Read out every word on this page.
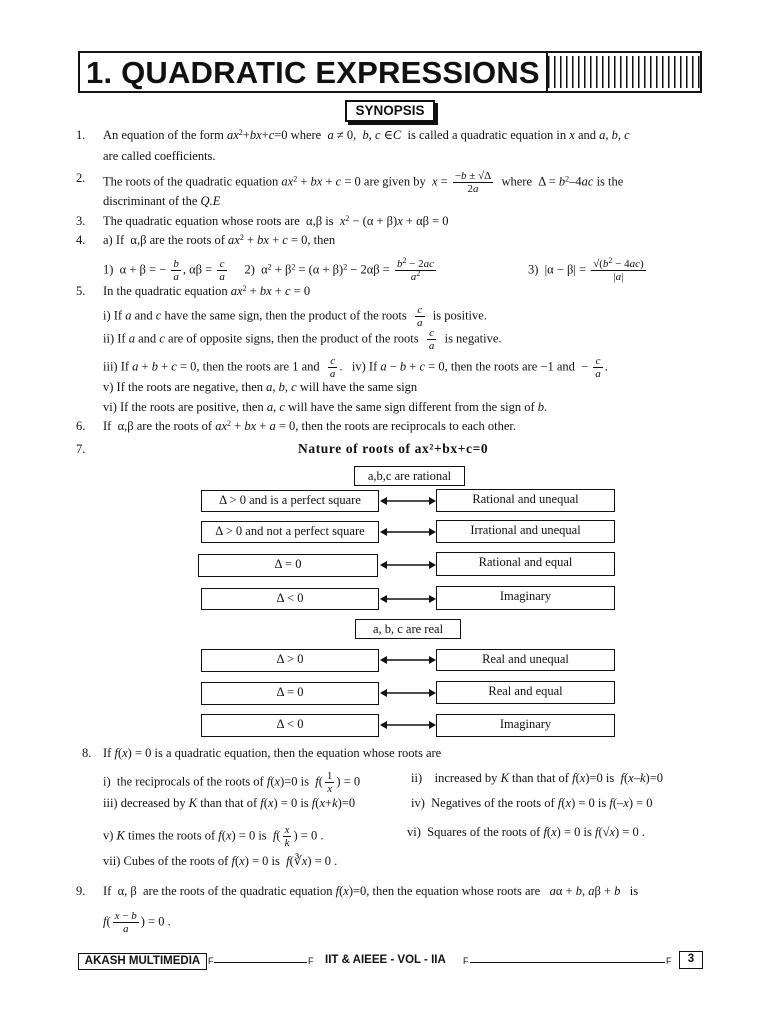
1. QUADRATIC EXPRESSIONS
SYNOPSIS
1. An equation of the form $ax^2+bx+c=0$ where  a ≠ 0,  b, c ∈C  is called a quadratic equation in x and a, b, c
are called coefficients.
2. The roots of the quadratic equation $ax^2$ + bx + c = 0 are given by  $x = \frac{-b \pm √\Delta}{2a}$ where  $\Delta = b^2-4ac$ is the
discriminant of the Q.E
3. The quadratic equation whose roots are  α,β is  $x^2 - (\alpha + \beta)x + \alpha\beta = 0$
4. a) If  α,β are the roots of $ax^2$ + bx + c = 0, then
1)  α + β = − $\frac{b}{a}$ , $\alpha\beta = \frac{c}{a} 2$)  $\alpha^2 + \beta^2 = (\alpha + \beta)^2 - 2\alpha\beta = \frac{b^2 - 2ac}{a^2}$	3)  $|\alpha - \beta| = \frac{√(b^2 - 4ac)}{|a|}$
5. In the quadratic equation $ax^2$ + bx + c = 0
i) If a and c have the same sign, then the product of the roots $\frac{c}{a}$ is positive.
ii) If a and c are of opposite signs, then the product of the roots $\frac{c}{a}$ is negative.
iii) If a + b + c = 0, then the roots are 1 and $\frac{c}{a}$ .   iv) If a − b + c = 0, then the roots are −1 and  − $\frac{c}{a}$ .
v) If the roots are negative, then a, b, c will have the same sign
vi) If the roots are positive, then a, c will have the same sign different from the sign of b.
6. If  α,β are the roots of $ax^2$ + bx + a = 0, then the roots are reciprocals to each other.
7.	Nature of roots of ax²+bx+c=0
a,b,c are rational
Δ > 0 and is a perfect square	Rational and unequal
Δ > 0 and not a perfect square	Irrational and unequal
Δ = 0	Rational and equal
Δ < 0	Imaginary
a, b, c are real
Δ > 0	Real and unequal
Δ = 0	Real and equal
Δ < 0	Imaginary
8. If f(x) = 0 is a quadratic equation, then the equation whose roots are
i)  the reciprocals of the roots of f(x)=0 is  $f( \frac{1}{x}$ ) = 0	ii)    increased by K than that of f(x)=0 is  f(x–k)=0
iii) decreased by K than that of f(x) = 0 is f(x+k)=0	iv)  Negatives of the roots of f(x) = 0 is f(–x) = 0
v) K times the roots of f(x) = 0 is  $f( \frac{x}{k}$ ) = 0 .	vi)  Squares of the roots of f(x) = 0 is f(√x) = 0 .
vii) Cubes of the roots of f(x) = 0 is  f(∛x) = 0 .
9. If  α, β  are the roots of the quadratic equation f(x)=0, then the equation whose roots are   aα + b, aβ + b   is
$f( \frac{x - b}{a}$ ) = 0 .
AKASH MULTIMEDIA F	F IIT & AIEEE - VOL - IIA F	F	3
